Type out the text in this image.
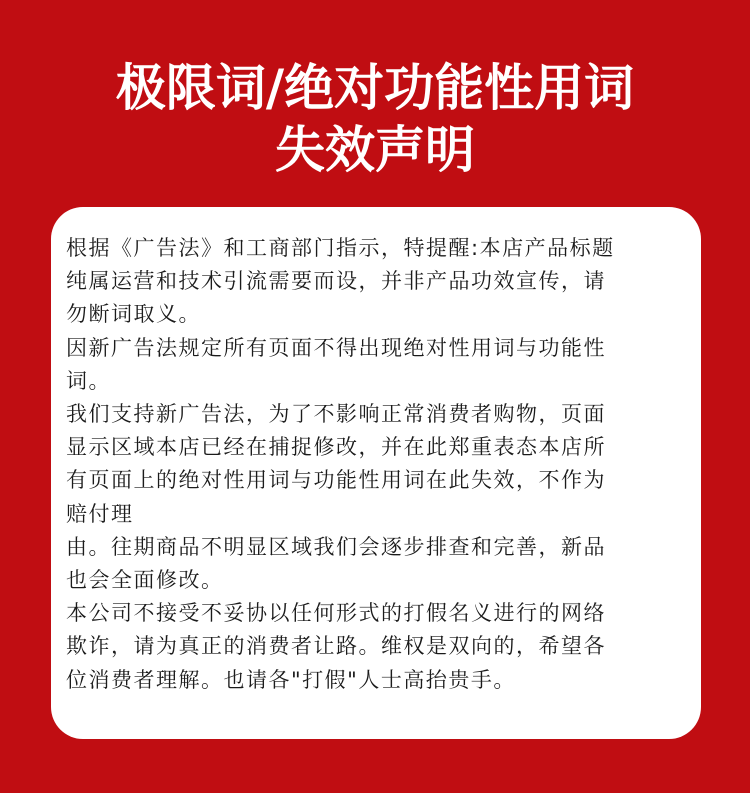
极限词/绝对功能性用词
失效声明

根据《广告法》和工商部门指示，特提醒:本店产品标题
纯属运营和技术引流需要而设，并非产品功效宣传，请
勿断词取义。

因新广告法规定所有页面不得出现绝对性用词与功能性
词。

我们支持新广告法，为了不影响正常消费者购物，页面
显示区域本店已经在捕捉修改，并在此郑重表态本店所
有页面上的绝对性用词与功能性用词在此失效，不作为
赔付理

由。往期商品不明显区域我们会逐步排查和完善，新品
也会全面修改。

本公司不接受不妥协以任何形式的打假名义进行的网络
欺诈，请为真正的消费者让路。维权是双向的，希望各
位消费者理解。也请各"打假"人士高抬贵手。
